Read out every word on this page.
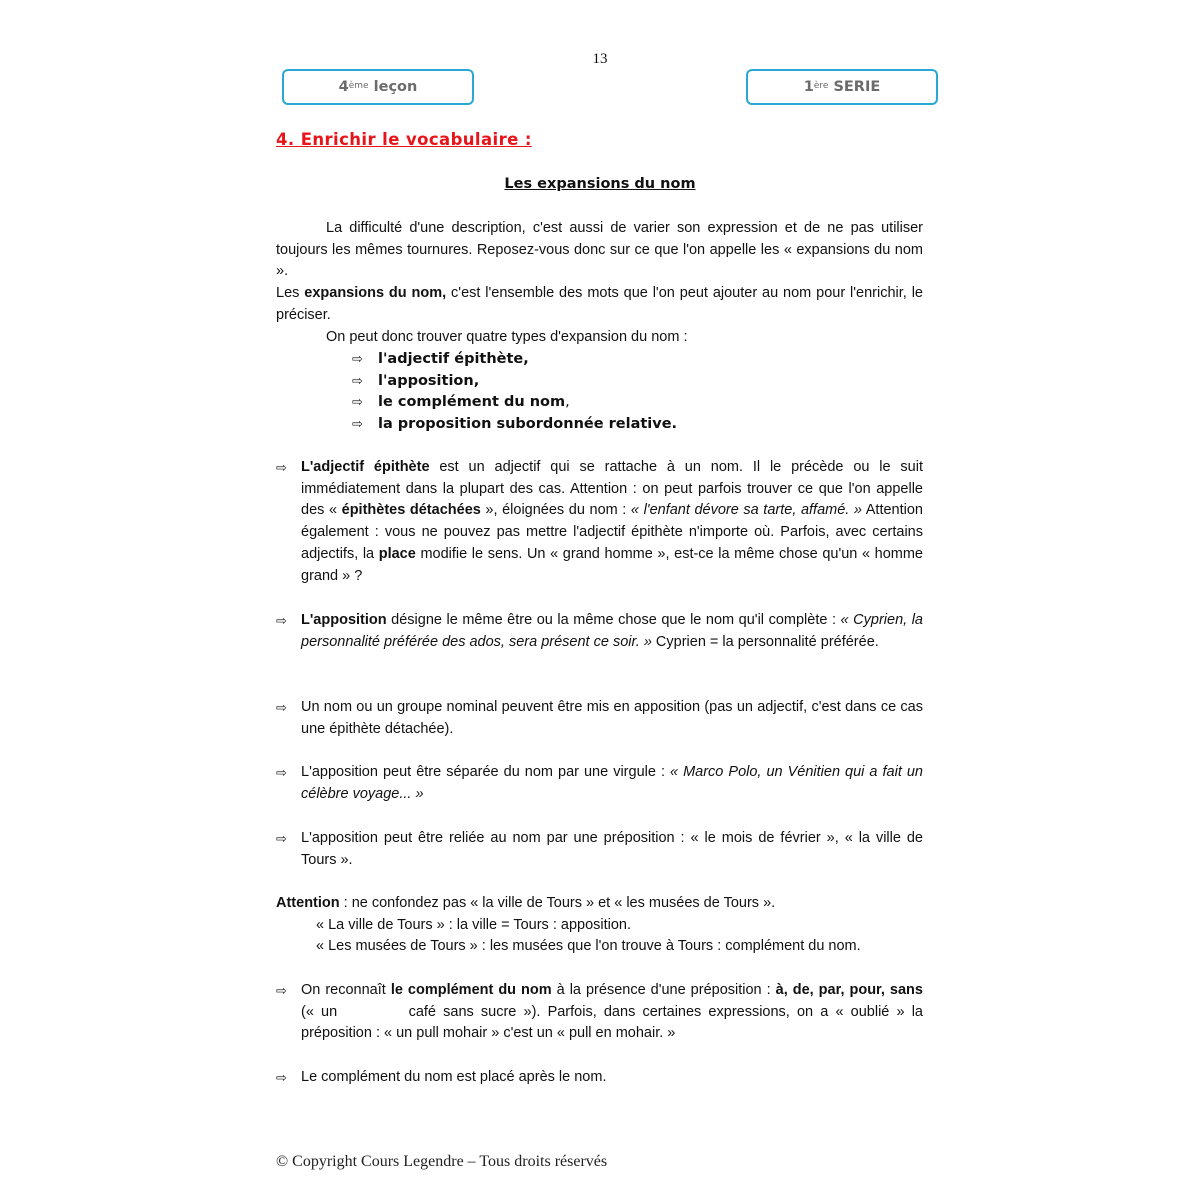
13
4ème leçon	1ère SERIE
4. Enrichir le vocabulaire :
Les expansions du nom
La difficulté d'une description, c'est aussi de varier son expression et de ne pas utiliser toujours les mêmes tournures. Reposez-vous donc sur ce que l'on appelle les « expansions du nom ».
Les expansions du nom, c'est l'ensemble des mots que l'on peut ajouter au nom pour l'enrichir, le préciser.
On peut donc trouver quatre types d'expansion du nom :
⇨ l'adjectif épithète,
⇨ l'apposition,
⇨ le complément du nom,
⇨ la proposition subordonnée relative.
⇨ L'adjectif épithète est un adjectif qui se rattache à un nom. Il le précède ou le suit immédiatement dans la plupart des cas. Attention : on peut parfois trouver ce que l'on appelle des « épithètes détachées », éloignées du nom : « l'enfant dévore sa tarte, affamé. » Attention également : vous ne pouvez pas mettre l'adjectif épithète n'importe où. Parfois, avec certains adjectifs, la place modifie le sens. Un « grand homme », est-ce la même chose qu'un « homme grand » ?
⇨ L'apposition désigne le même être ou la même chose que le nom qu'il complète : « Cyprien, la personnalité préférée des ados, sera présent ce soir. » Cyprien = la personnalité préférée.
⇨ Un nom ou un groupe nominal peuvent être mis en apposition (pas un adjectif, c'est dans ce cas une épithète détachée).
⇨ L'apposition peut être séparée du nom par une virgule : « Marco Polo, un Vénitien qui a fait un célèbre voyage... »
⇨ L'apposition peut être reliée au nom par une préposition : « le mois de février », « la ville de Tours ».
Attention : ne confondez pas « la ville de Tours » et « les musées de Tours ».
« La ville de Tours » : la ville = Tours : apposition.
« Les musées de Tours » : les musées que l'on trouve à Tours : complément du nom.
⇨ On reconnaît le complément du nom à la présence d'une préposition : à, de, par, pour, sans (« un          café sans sucre »). Parfois, dans certaines expressions, on a « oublié » la préposition : « un pull mohair » c'est un « pull en mohair. »
⇨ Le complément du nom est placé après le nom.
© Copyright Cours Legendre – Tous droits réservés
